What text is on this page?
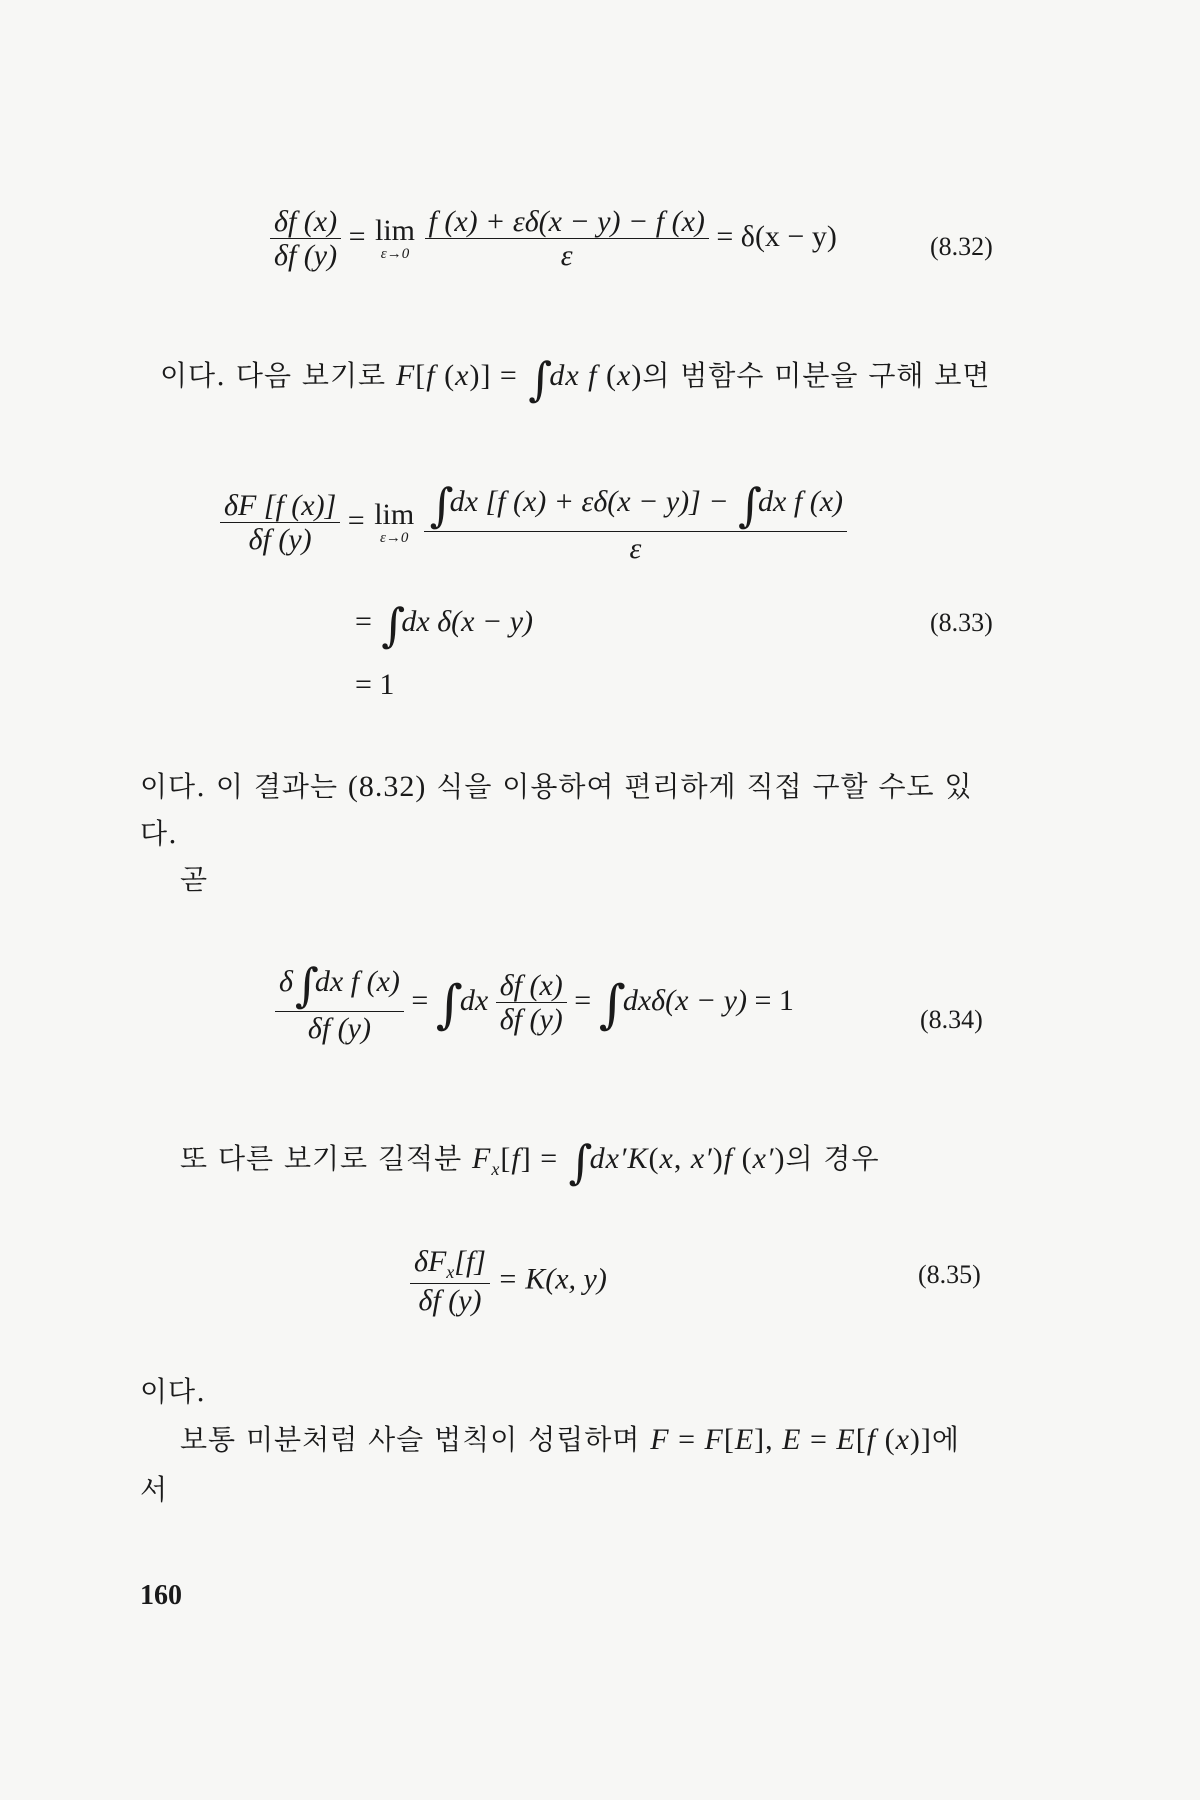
$\frac{\delta f (x)}{\delta f (y)} = \lim$
ε→0
$\frac{f (x) + \varepsilon\delta(x - y) - f (x)}{\varepsilon} = \delta(x - y)$	(8.32)
이다. 다음 보기로 F[f (x)] = ∫dx f (x)의 범함수 미분을 구해 보면
$\frac{\delta F [f (x)]}{\delta f (y)} = \lim$
ε→0
$\frac{\text{∫dx [f (x) + εδ(x − y)] − ∫dx f (x)}}{\varepsilon}$
= ∫dx δ(x − y)	(8.33)
= 1
이다. 이 결과는 (8.32) 식을 이용하여 편리하게 직접 구할 수도 있
다.
곧
$\frac{\text{δ∫dx f (x)}}{\delta f (y)} = \int dx \frac{\delta f (x)}{\delta f (y)} = \int dx\delta(x - y) = 1$
(8.34)
또 다른 보기로 길적분 $F_x[f] = \int dx'K(x$, x′)f (x′)의 경우
$\frac{\delta F_x[f]}{\delta f (y)} = K(x$, y)	(8.35)
이다.
보통 미분처럼 사슬 법칙이 성립하며 F = F[E], E = E[f (x)]에
서
160
